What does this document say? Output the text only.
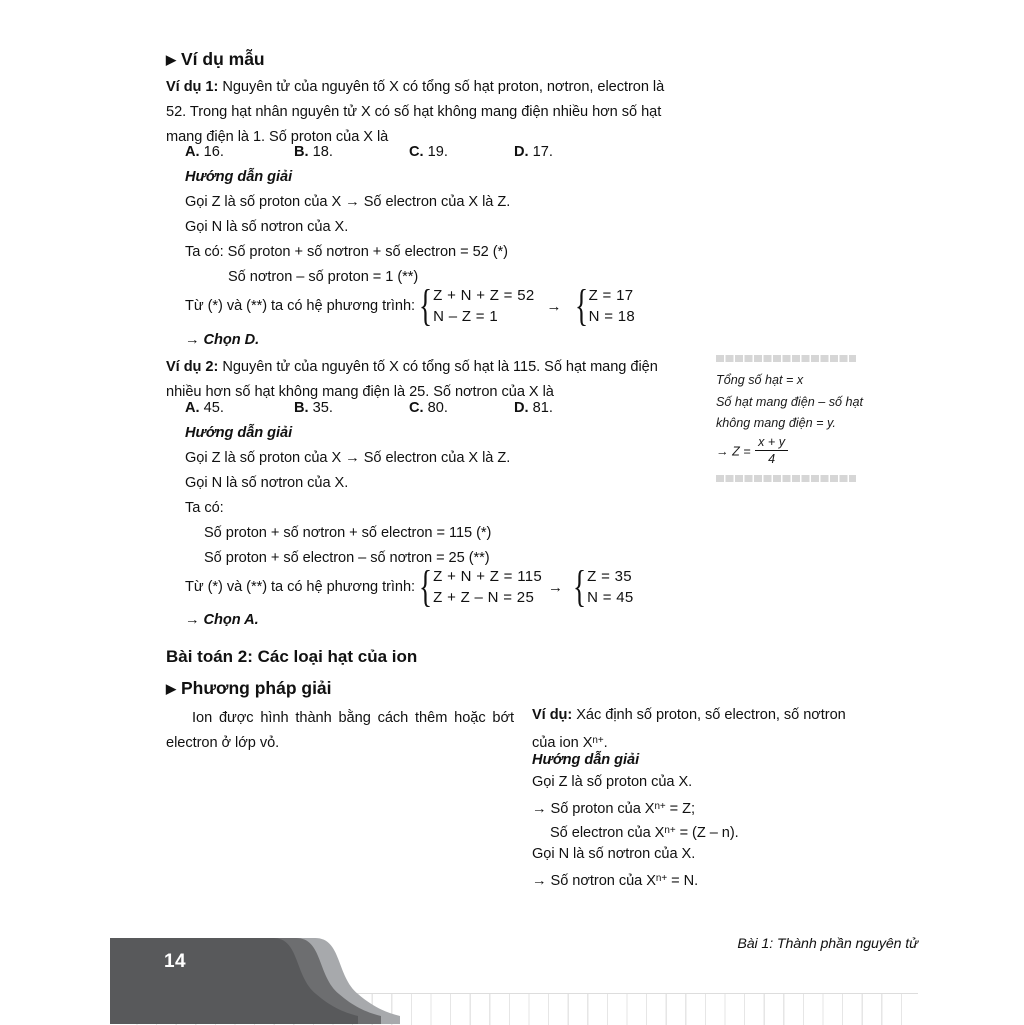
▶ Ví dụ mẫu
Ví dụ 1: Nguyên tử của nguyên tố X có tổng số hạt proton, nơtron, electron là 52. Trong hạt nhân nguyên tử X có số hạt không mang điện nhiều hơn số hạt mang điện là 1. Số proton của X là
A. 16.	B. 18.	C. 19.	D. 17.
Hướng dẫn giải
Gọi Z là số proton của X → Số electron của X là Z.
Gọi N là số nơtron của X.
Ta có: Số proton + số nơtron + số electron = 52 (*)
Số nơtron – số proton = 1 (**)
Từ (*) và (**) ta có hệ phương trình: { Z + N + Z = 52
N – Z = 1
→ { Z = 17
N = 18
→ Chọn D.
Ví dụ 2: Nguyên tử của nguyên tố X có tổng số hạt là 115. Số hạt mang điện nhiều hơn số hạt không mang điện là 25. Số nơtron của X là
A. 45.	B. 35.	C. 80.	D. 81.
Hướng dẫn giải
Gọi Z là số proton của X → Số electron của X là Z.
Gọi N là số nơtron của X.
Ta có:
Số proton + số nơtron + số electron = 115 (*)
Số proton + số electron – số nơtron = 25 (**)
Từ (*) và (**) ta có hệ phương trình: { Z + N + Z = 115
Z + Z – N = 25
→ { Z = 35
N = 45
→ Chọn A.
Tổng số hạt = x
Số hạt mang điện – số hạt
không mang điện = y.
→ $Z = \frac{x + y}{4}$
Bài toán 2: Các loại hạt của ion
▶ Phương pháp giải
Ion được hình thành bằng cách thêm hoặc bớt electron ở lớp vỏ.
Ví dụ: Xác định số proton, số electron, số nơtron
của ion $X^{n+}$.
Hướng dẫn giải
Gọi Z là số proton của X.
→ Số proton của $X^{n+} = Z$;
Số electron của $X^{n+} = (Z - n)$.
Gọi N là số nơtron của X.
→ Số nơtron của $X^{n+} = N$.
14
Bài 1: Thành phần nguyên tử
